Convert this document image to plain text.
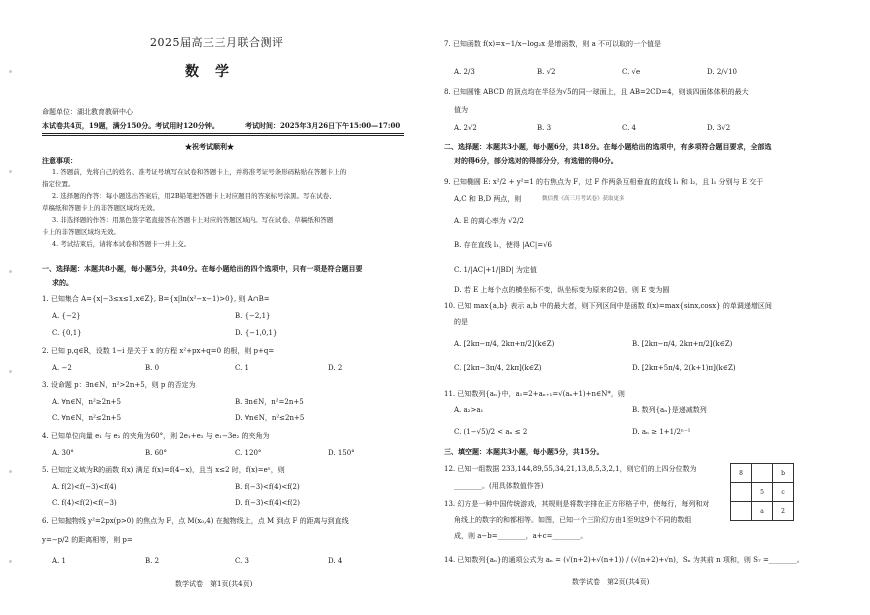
2025届高三三月联合测评
数学
命题单位：湖北教育教研中心
本试卷共4页，19题，满分150分。考试用时120分钟。	考试时间：2025年3月26日下午15:00—17:00
★祝考试顺利★
注意事项：
1. 答题前，先将自己的姓名、准考证号填写在试卷和答题卡上，并将准考证号条形码粘贴在答题卡上的
指定位置。
2. 选择题的作答：每小题选出答案后，用2B铅笔把答题卡上对应题目的答案标号涂黑。写在试卷、
草稿纸和答题卡上的非答题区域均无效。
3. 非选择题的作答：用黑色签字笔直接答在答题卡上对应的答题区域内。写在试卷、草稿纸和答题
卡上的非答题区域均无效。
4. 考试结束后，请将本试卷和答题卡一并上交。
一、选择题：本题共8小题，每小题5分，共40分。在每小题给出的四个选项中，只有一项是符合题目要
求的。
1. 已知集合 A={x|−3≤x≤1,x∈Z}, B={x|ln(x²−x−1)>0}, 则 A∩B=
A. {−2}	B. {−2,1}
C. {0,1}	D. {−1,0,1}
2. 已知 p,q∈R，设数 1−i 是关于 x 的方程 x²+px+q=0 的根，则 p+q=
A. −2	B. 0	C. 1	D. 2
3. 设命题 p：∃n∈N，n²>2n+5，则 p 的否定为
A. ∀n∈N，n²≥2n+5	B. ∃n∈N，n²=2n+5
C. ∀n∈N，n²≤2n+5	D. ∀n∈N，n²≤2n+5
4. 已知单位向量 e₁ 与 e₂ 的夹角为60°，则 2e₁+e₂ 与 e₁−3e₂ 的夹角为
A. 30°	B. 60°	C. 120°	D. 150°
5. 已知定义域为R的函数 f(x) 满足 f(x)=f(4−x)，且当 x≤2 时，f(x)=eˣ，则
A. f(2)<f(−3)<f(4)	B. f(−3)<f(4)<f(2)
C. f(4)<f(2)<f(−3)	D. f(−3)<f(4)<f(2)
6. 已知抛物线 y²=2px(p>0) 的焦点为 F，点 M(x₀,4) 在抛物线上，点 M 到点 F 的距离与到直线
y=−p/2 的距离相等，则 p=
A. 1	B. 2	C. 3	D. 4
数学试卷　第1页(共4页)
7. 已知函数 f(x)=x−1/x−log₂x 是增函数，则 a 不可以取的一个值是
A. 2/3	B. √2	C. √e	D. 2/√10
8. 已知圆锥 ABCD 的顶点均在半径为√5的同一球面上，且 AB=2CD=4，则该四面体体积的最大
值为
A. 2√2	B. 3	C. 4	D. 3√2
二、选择题：本题共3小题，每小题6分，共18分。在每小题给出的选项中，有多项符合题目要求，全部选
对的得6分，部分选对的得部分分，有选错的得0分。
9. 已知椭圆 E: x²/2 + y²=1 的右焦点为 F，过 F 作两条互相垂直的直线 l₁ 和 l₂，且 l₁ 分别与 E 交于
A,C 和 B,D 两点，则	微信搜《高三月考试卷》获取更多
A. E 的离心率为 √2/2
B. 存在直线 l₁，使得 |AC|=√6
C. 1/|AC|+1/|BD| 为定值
D. 若 E 上每个点的横坐标不变，纵坐标变为原来的2倍，则 E 变为圆
10. 已知 max{a,b} 表示 a,b 中的最大者，则下列区间中是函数 f(x)=max{sinx,cosx} 的单调递增区间
的是
A. [2kπ−π/4, 2kπ+π/2](k∈Z)	B. [2kπ−π/4, 2kπ+π/2](k∈Z)
C. [2kπ−3π/4, 2kπ](k∈Z)	D. [2kπ+5π/4, 2(k+1)π](k∈Z)
11. 已知数列{aₙ}中，a₁=2+aₙ₊₁=√(aₙ+1)+n∈N*，则
A. a₂>a₁	B. 数列{aₙ}是递减数列
C. (1−√5)/2 < aₙ ≤ 2	D. aₙ ≥ 1+1/2ⁿ⁻¹
三、填空题：本题共3小题，每小题5分，共15分。
12. 已知一组数据 233,144,89,55,34,21,13,8,5,3,2,1，则它们的上四分位数为
________。(用具体数值作答)
13. 幻方是一种中国传统游戏，其规则是将数字排在正方形格子中，使每行，每列和对
角线上的数字的和都相等。如图，已知一个三阶幻方由1至9这9个不同的数组
成，则 a−b=________，a+c=________。
8		b
	5	c
	a	2
14. 已知数列{aₙ}的通项公式为 aₙ = (√(n+2)+√(n+1)) / (√(n+2)+√n)，Sₙ 为其前 n 项和，则 S₇ =________。
数学试卷　第2页(共4页)
